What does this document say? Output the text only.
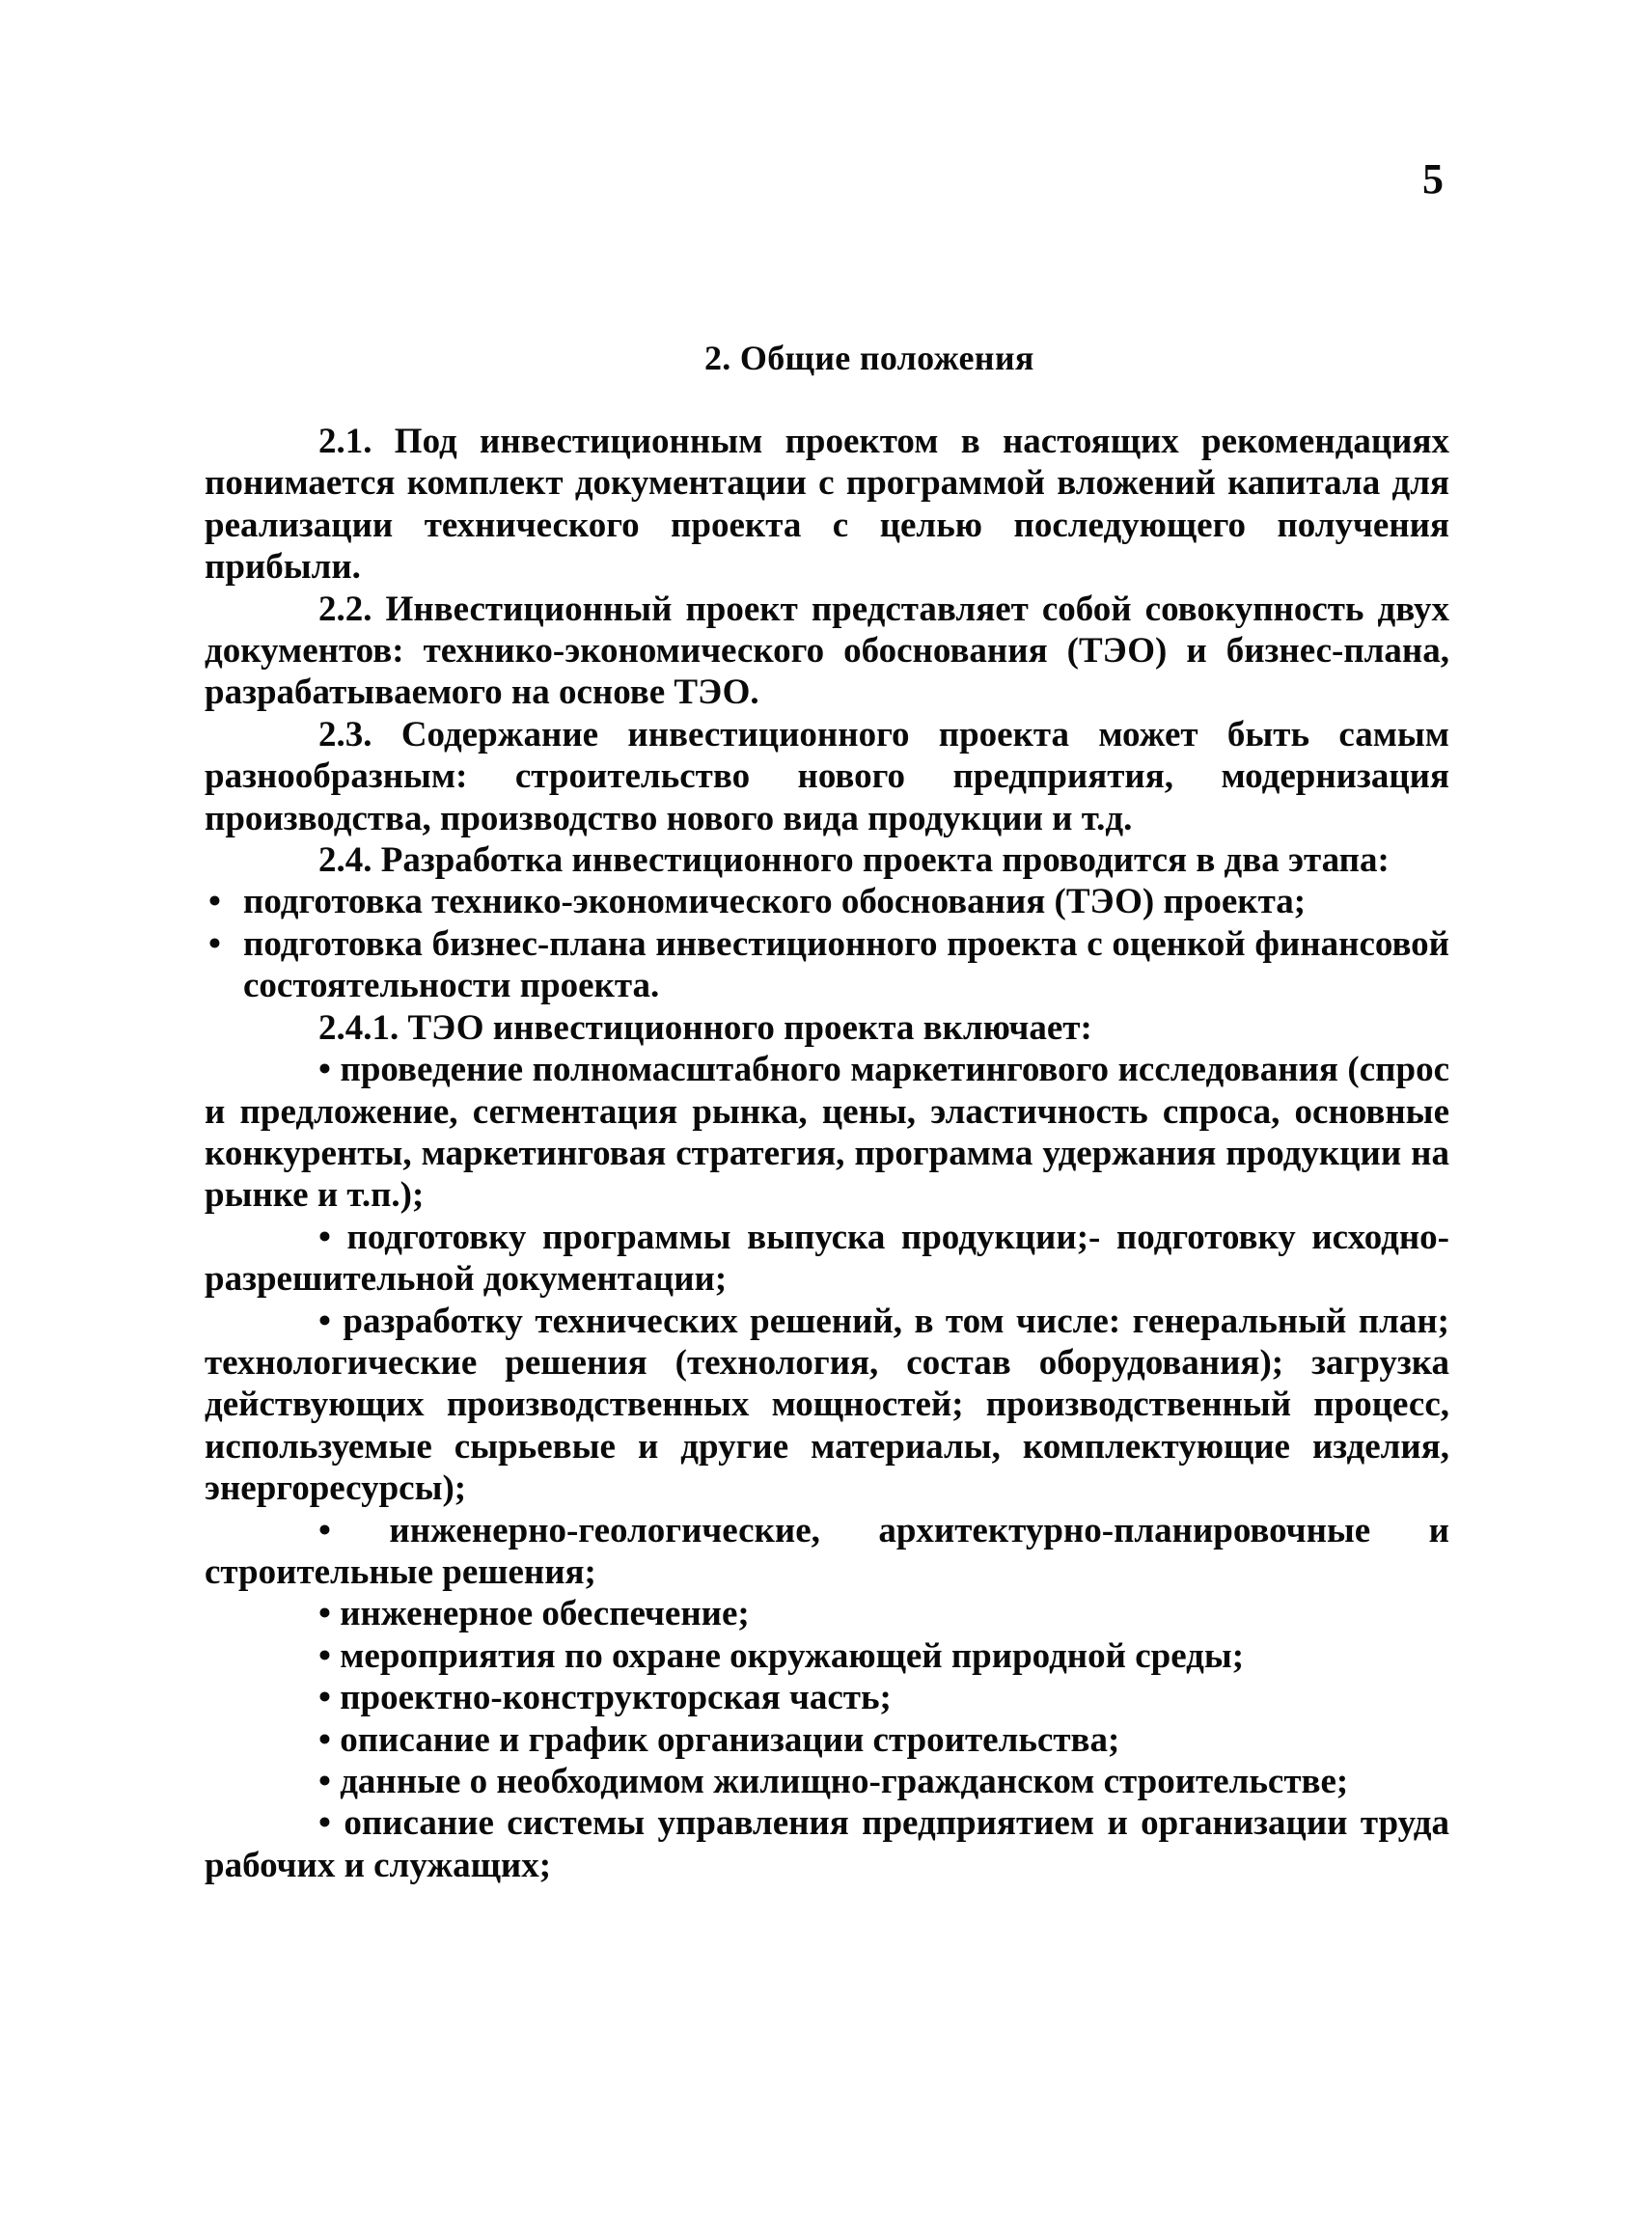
5
2. Общие положения

2.1. Под инвестиционным проектом в настоящих рекомендациях понимается комплект документации с программой вложений капитала для реализации технического проекта с целью последующего получения прибыли.

2.2. Инвестиционный проект представляет собой совокупность двух документов: технико-экономического обоснования (ТЭО) и бизнес-плана, разрабатываемого на основе ТЭО.

2.3. Содержание инвестиционного проекта может быть самым разнообразным: строительство нового предприятия, модернизация производства, производство нового вида продукции и т.д.

2.4. Разработка инвестиционного проекта проводится в два этапа:

• подготовка технико-экономического обоснования (ТЭО) проекта;
• подготовка бизнес-плана инвестиционного проекта с оценкой финансовой состоятельности проекта.

2.4.1. ТЭО инвестиционного проекта включает:

• проведение полномасштабного маркетингового исследования (спрос и предложение, сегментация рынка, цены, эластичность спроса, основные конкуренты, маркетинговая стратегия, программа удержания продукции на рынке и т.п.);

• подготовку программы выпуска продукции;- подготовку исходно-разрешительной документации;

• разработку технических решений, в том числе: генеральный план; технологические решения (технология, состав оборудования); загрузка действующих производственных мощностей; производственный процесс, используемые сырьевые и другие материалы, комплектующие изделия, энергоресурсы);

• инженерно-геологические, архитектурно-планировочные и строительные решения;

• инженерное обеспечение;

• мероприятия по охране окружающей природной среды;

• проектно-конструкторская часть;

• описание и график организации строительства;

• данные о необходимом жилищно-гражданском строительстве;

• описание системы управления предприятием и организации труда рабочих и служащих;
